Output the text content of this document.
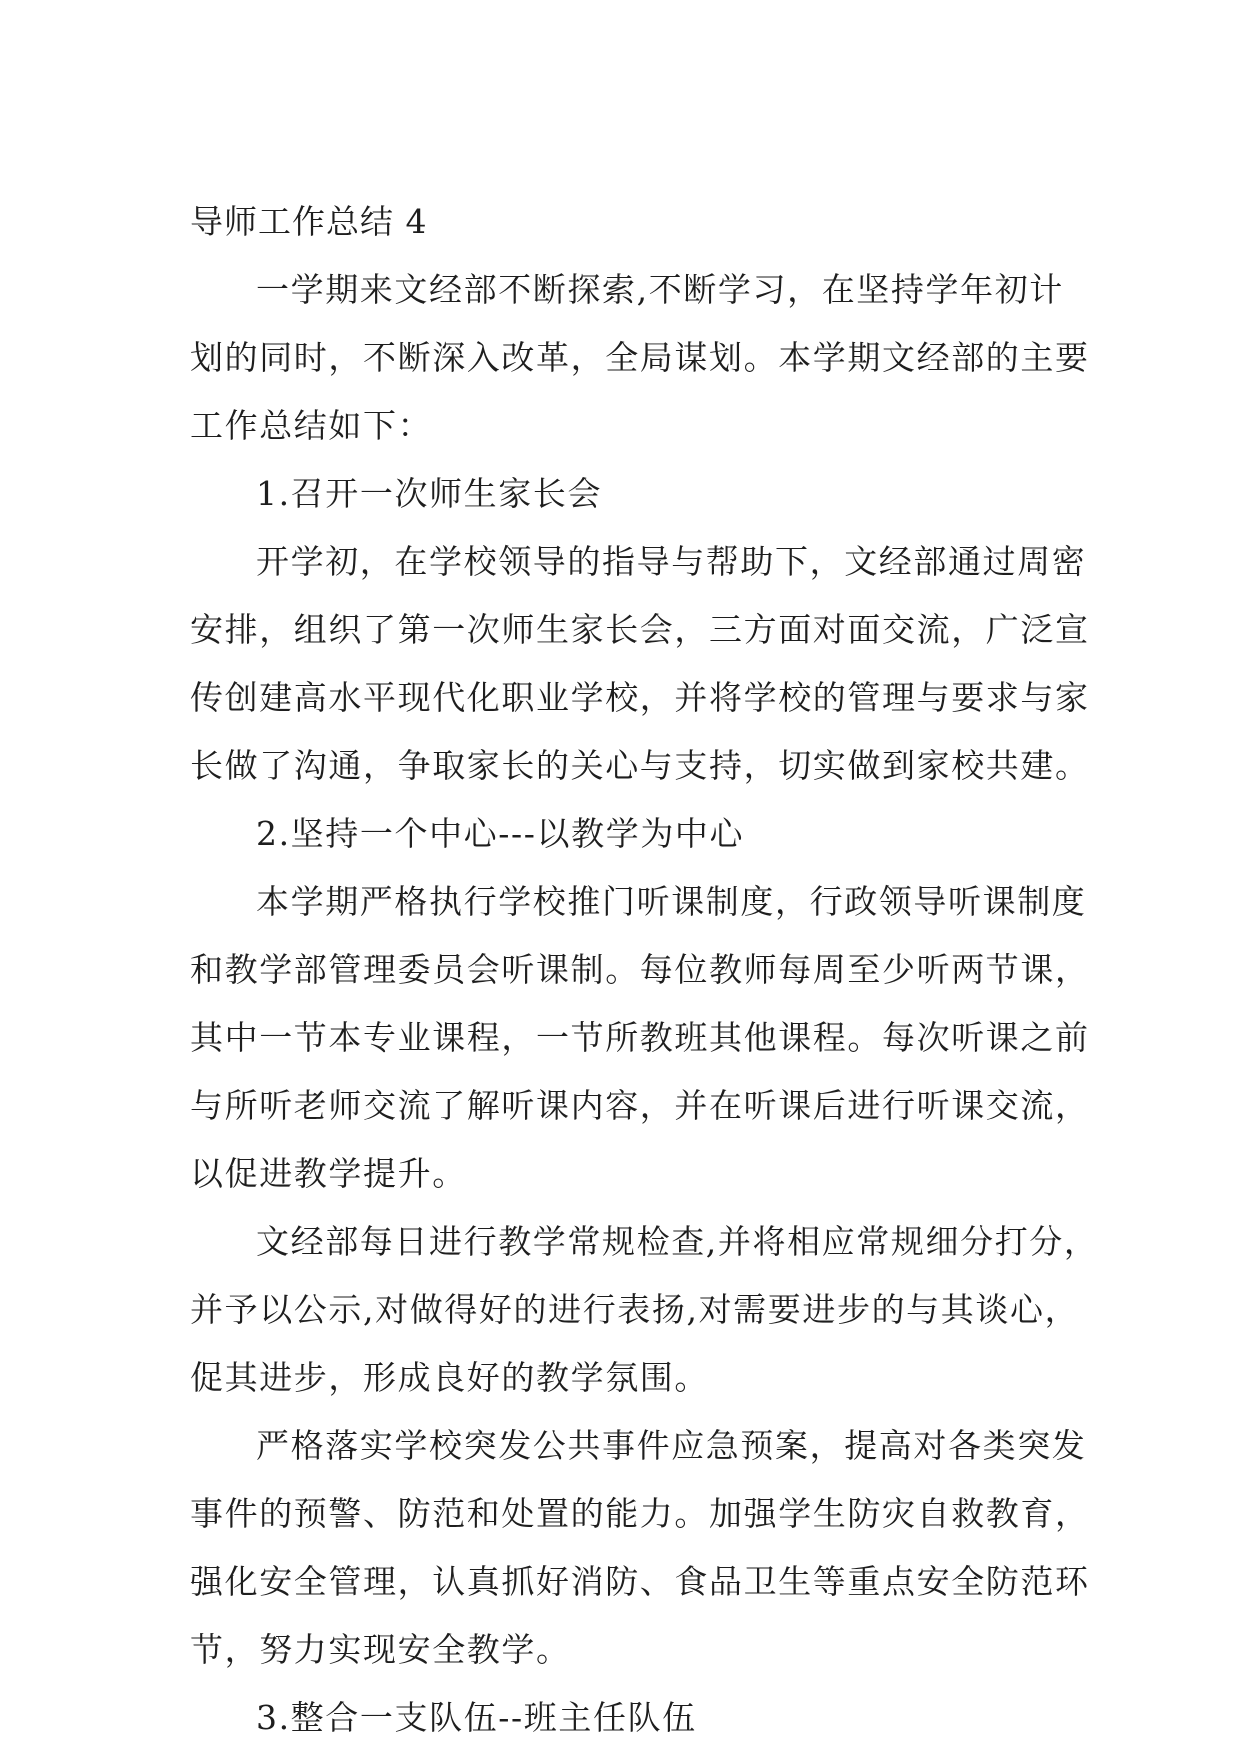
导师工作总结 4
一学期来文经部不断探索,不断学习，在坚持学年初计
划的同时，不断深入改革，全局谋划。本学期文经部的主要
工作总结如下：
1.召开一次师生家长会
开学初，在学校领导的指导与帮助下，文经部通过周密
安排，组织了第一次师生家长会，三方面对面交流，广泛宣
传创建高水平现代化职业学校，并将学校的管理与要求与家
长做了沟通，争取家长的关心与支持，切实做到家校共建。
2.坚持一个中心---以教学为中心
本学期严格执行学校推门听课制度，行政领导听课制度
和教学部管理委员会听课制。每位教师每周至少听两节课，
其中一节本专业课程，一节所教班其他课程。每次听课之前
与所听老师交流了解听课内容，并在听课后进行听课交流，
以促进教学提升。
文经部每日进行教学常规检查,并将相应常规细分打分，
并予以公示,对做得好的进行表扬,对需要进步的与其谈心，
促其进步，形成良好的教学氛围。
严格落实学校突发公共事件应急预案，提高对各类突发
事件的预警、防范和处置的能力。加强学生防灾自救教育，
强化安全管理，认真抓好消防、食品卫生等重点安全防范环
节，努力实现安全教学。
3.整合一支队伍--班主任队伍
